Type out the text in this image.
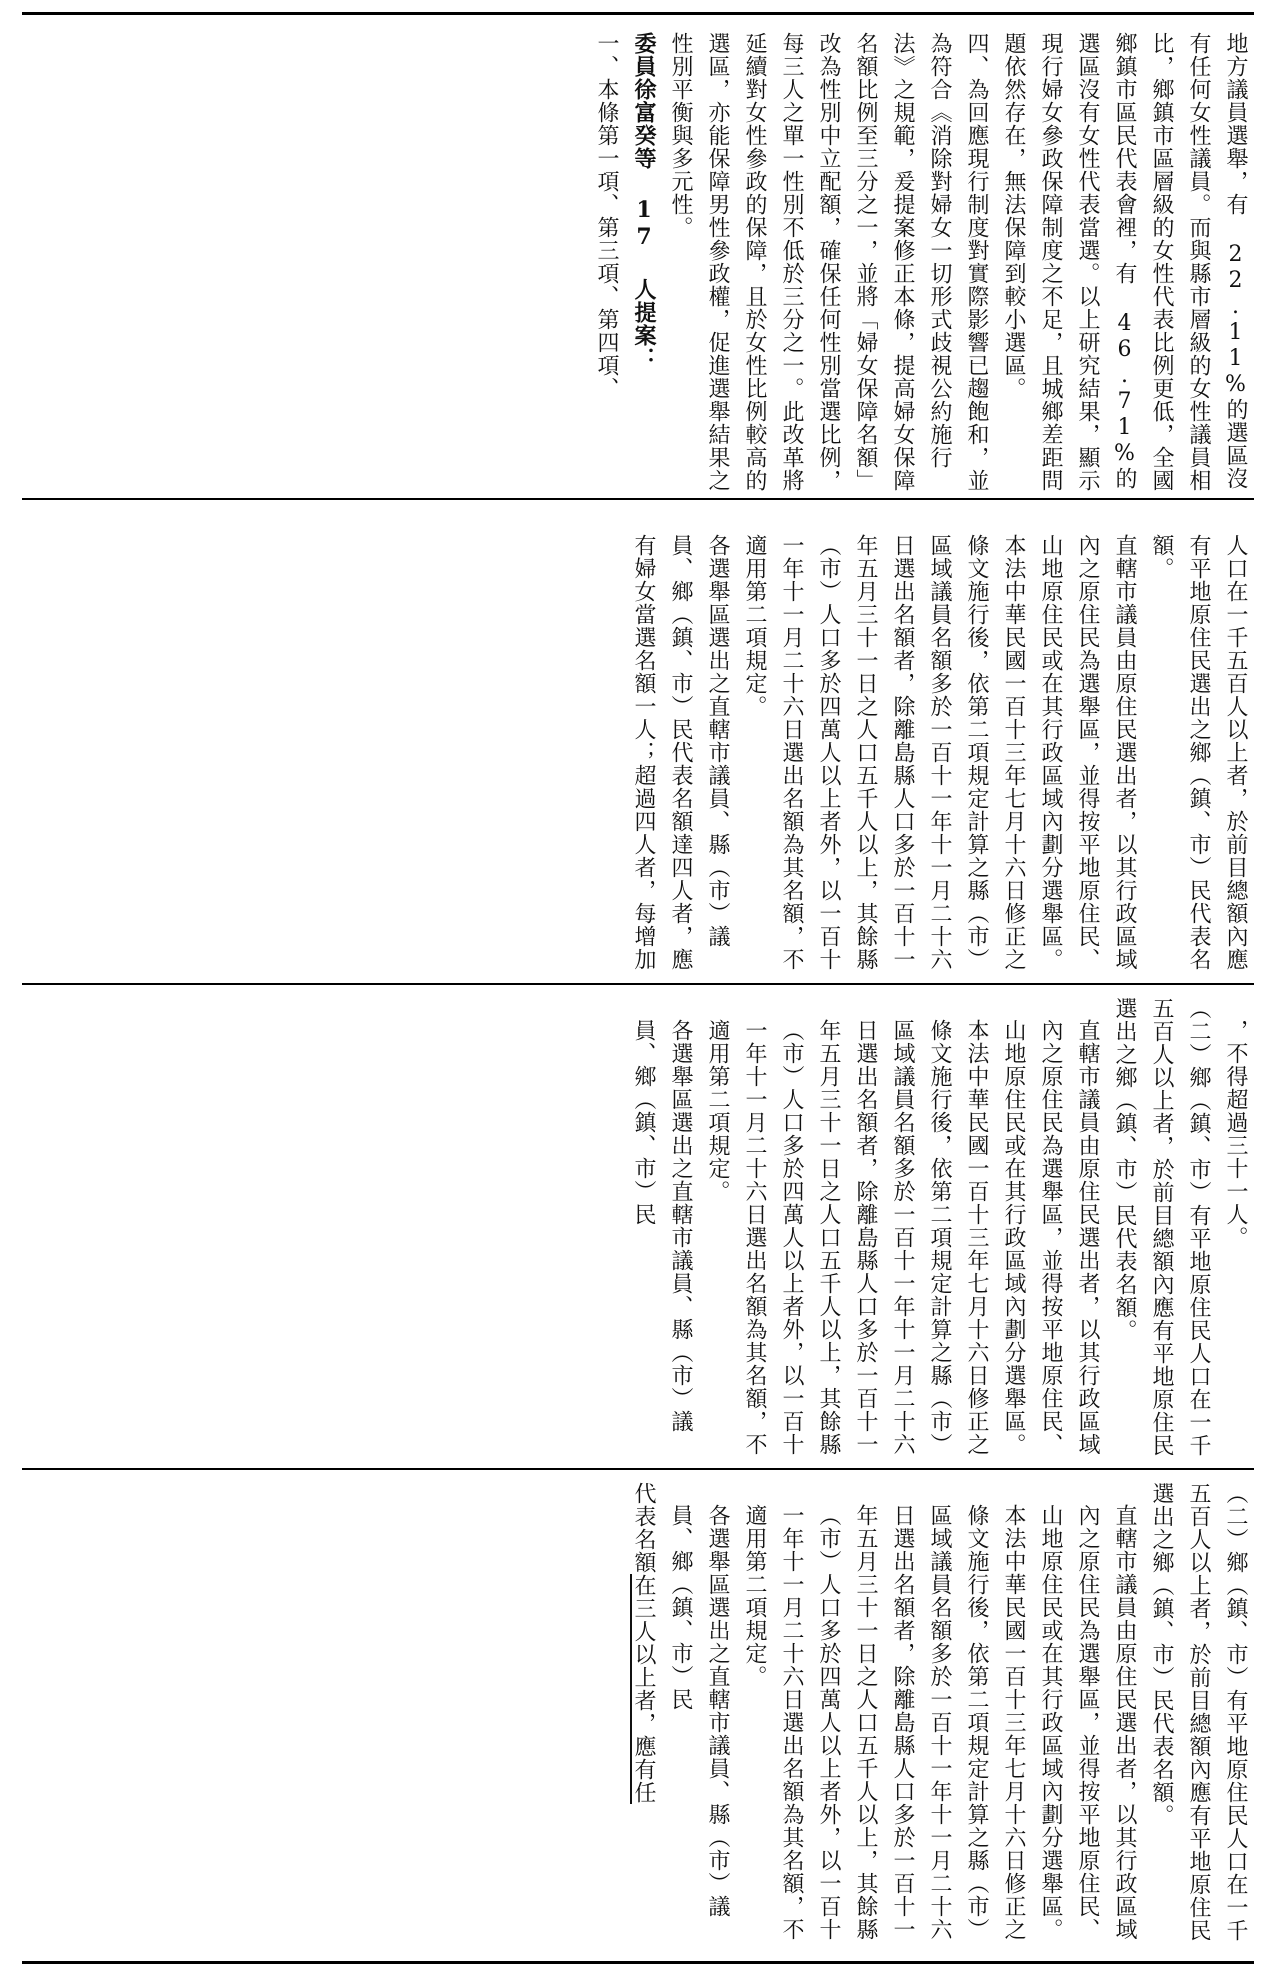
地方議員選舉，有 22.11%的選區沒有任何女性議員。而與縣市層級的女性議員相比，鄉鎮市區層級的女性代表比例更低，全國鄉鎮市區民代表會裡，有 46.71%的選區沒有女性代表當選。以上研究結果，顯示現行婦女參政保障制度之不足，且城鄉差距問題依然存在，無法保障到較小選區。

四、為回應現行制度對實際影響已趨飽和，並為符合《消除對婦女一切形式歧視公約施行法》之規範，爰提案修正本條，提高婦女保障名額比例至三分之一，並將「婦女保障名額」改為性別中立配額，確保任何性別當選比例，每三人之單一性別不低於三分之一。此改革將延續對女性參政的保障，且於女性比例較高的選區，亦能保障男性參政權，促進選舉結果之性別平衡與多元性。

委員徐富癸等 17 人提案：

一、本條第一項、第三項、第四項、

人口在一千五百人以上者，於前目總額內應有平地原住民選出之鄉（鎮、市）民代表名額。

直轄市議員由原住民選出者，以其行政區域內之原住民為選舉區，並得按平地原住民、山地原住民或在其行政區域內劃分選舉區。

本法中華民國一百十三年七月十六日修正之條文施行後，依第二項規定計算之縣（市）區域議員名額多於一百十一年十一月二十六日選出名額者，除離島縣人口多於一百十一年五月三十一日之人口五千人以上，其餘縣（市）人口多於四萬人以上者外，以一百十一年十一月二十六日選出名額為其名額，不適用第二項規定。

各選舉區選出之直轄市議員、縣（市）議員、鄉（鎮、市）民代表名額達四人者，應有婦女當選名額一人；超過四人者，每增加

，不得超過三十一人。

（二）鄉（鎮、市）有平地原住民人口在一千五百人以上者，於前目總額內應有平地原住民選出之鄉（鎮、市）民代表名額。

直轄市議員由原住民選出者，以其行政區域內之原住民為選舉區，並得按平地原住民、山地原住民或在其行政區域內劃分選舉區。

本法中華民國一百十三年七月十六日修正之條文施行後，依第二項規定計算之縣（市）區域議員名額多於一百十一年十一月二十六日選出名額者，除離島縣人口多於一百十一年五月三十一日之人口五千人以上，其餘縣（市）人口多於四萬人以上者外，以一百十一年十一月二十六日選出名額為其名額，不適用第二項規定。

各選舉區選出之直轄市議員、縣（市）議員、鄉（鎮、市）民

（二）鄉（鎮、市）有平地原住民人口在一千五百人以上者，於前目總額內應有平地原住民選出之鄉（鎮、市）民代表名額。

直轄市議員由原住民選出者，以其行政區域內之原住民為選舉區，並得按平地原住民、山地原住民或在其行政區域內劃分選舉區。

本法中華民國一百十三年七月十六日修正之條文施行後，依第二項規定計算之縣（市）區域議員名額多於一百十一年十一月二十六日選出名額者，除離島縣人口多於一百十一年五月三十一日之人口五千人以上，其餘縣（市）人口多於四萬人以上者外，以一百十一年十一月二十六日選出名額為其名額，不適用第二項規定。

各選舉區選出之直轄市議員、縣（市）議員、鄉（鎮、市）民

代表名額在三人以上者，應有任
